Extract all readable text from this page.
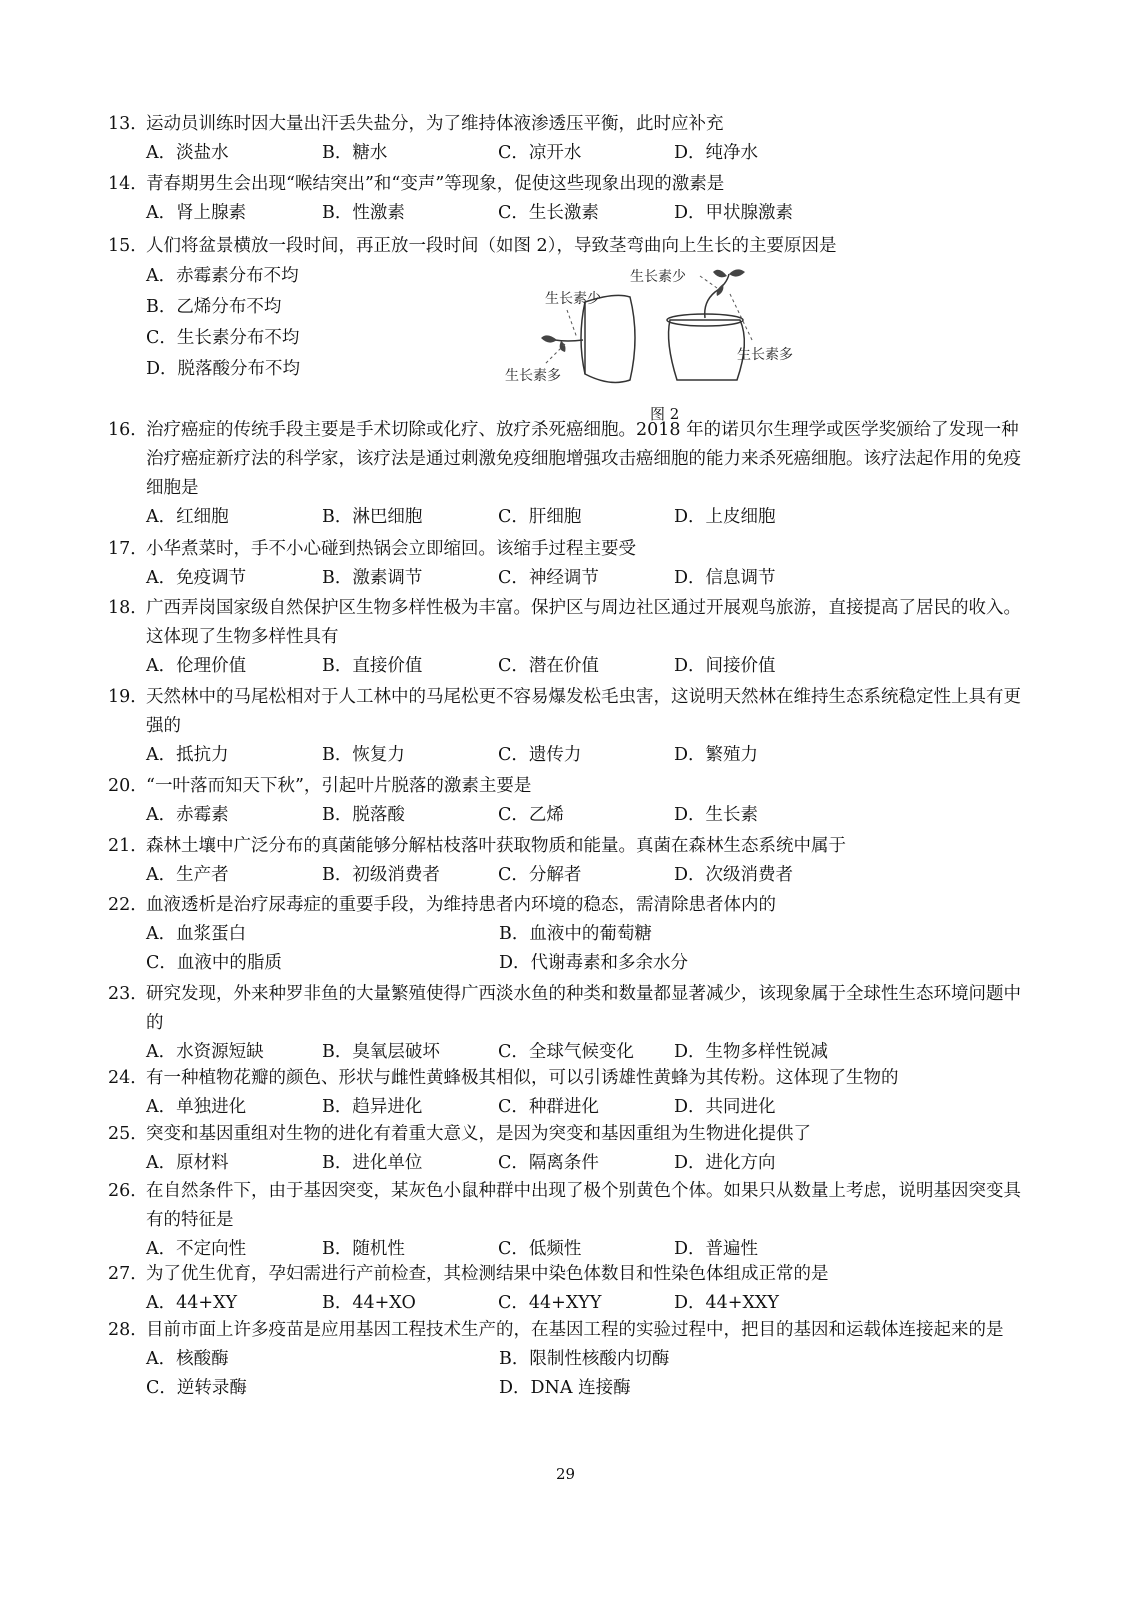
13．
运动员训练时因大量出汗丢失盐分，为了维持体液渗透压平衡，此时应补充
A．淡盐水	B．糖水	C．凉开水	D．纯净水
14．
青春期男生会出现“喉结突出”和“变声”等现象，促使这些现象出现的激素是
A．肾上腺素	B．性激素	C．生长激素	D．甲状腺激素
15．
人们将盆景横放一段时间，再正放一段时间（如图 2），导致茎弯曲向上生长的主要原因是
A．赤霉素分布不均
B．乙烯分布不均
C．生长素分布不均
D．脱落酸分布不均
生长素少
生长素多
生长素少
生长素多
图 2
16．
治疗癌症的传统手段主要是手术切除或化疗、放疗杀死癌细胞。2018 年的诺贝尔生理学或医学奖颁给了发现一种治疗癌症新疗法的科学家，该疗法是通过刺激免疫细胞增强攻击癌细胞的能力来杀死癌细胞。该疗法起作用的免疫细胞是
A．红细胞	B．淋巴细胞	C．肝细胞	D．上皮细胞
17．
小华煮菜时，手不小心碰到热锅会立即缩回。该缩手过程主要受
A．免疫调节	B．激素调节	C．神经调节	D．信息调节
18．
广西弄岗国家级自然保护区生物多样性极为丰富。保护区与周边社区通过开展观鸟旅游，直接提高了居民的收入。这体现了生物多样性具有
A．伦理价值	B．直接价值	C．潜在价值	D．间接价值
19．
天然林中的马尾松相对于人工林中的马尾松更不容易爆发松毛虫害，这说明天然林在维持生态系统稳定性上具有更强的
A．抵抗力	B．恢复力	C．遗传力	D．繁殖力
20．
“一叶落而知天下秋”，引起叶片脱落的激素主要是
A．赤霉素	B．脱落酸	C．乙烯	D．生长素
21．
森林土壤中广泛分布的真菌能够分解枯枝落叶获取物质和能量。真菌在森林生态系统中属于
A．生产者	B．初级消费者	C．分解者	D．次级消费者
22．
血液透析是治疗尿毒症的重要手段，为维持患者内环境的稳态，需清除患者体内的
A．血浆蛋白	B．血液中的葡萄糖
C．血液中的脂质	D．代谢毒素和多余水分
23．
研究发现，外来种罗非鱼的大量繁殖使得广西淡水鱼的种类和数量都显著减少，该现象属于全球性生态环境问题中的
A．水资源短缺	B．臭氧层破坏	C．全球气候变化	D．生物多样性锐减
24．
有一种植物花瓣的颜色、形状与雌性黄蜂极其相似，可以引诱雄性黄蜂为其传粉。这体现了生物的
A．单独进化	B．趋异进化	C．种群进化	D．共同进化
25．
突变和基因重组对生物的进化有着重大意义，是因为突变和基因重组为生物进化提供了
A．原材料	B．进化单位	C．隔离条件	D．进化方向
26．
在自然条件下，由于基因突变，某灰色小鼠种群中出现了极个别黄色个体。如果只从数量上考虑，说明基因突变具有的特征是
A．不定向性	B．随机性	C．低频性	D．普遍性
27．
为了优生优育，孕妇需进行产前检查，其检测结果中染色体数目和性染色体组成正常的是
A．44+XY	B．44+XO	C．44+XYY	D．44+XXY
28．
目前市面上许多疫苗是应用基因工程技术生产的，在基因工程的实验过程中，把目的基因和运载体连接起来的是
A．核酸酶	B．限制性核酸内切酶
C．逆转录酶	D．DNA 连接酶
29
